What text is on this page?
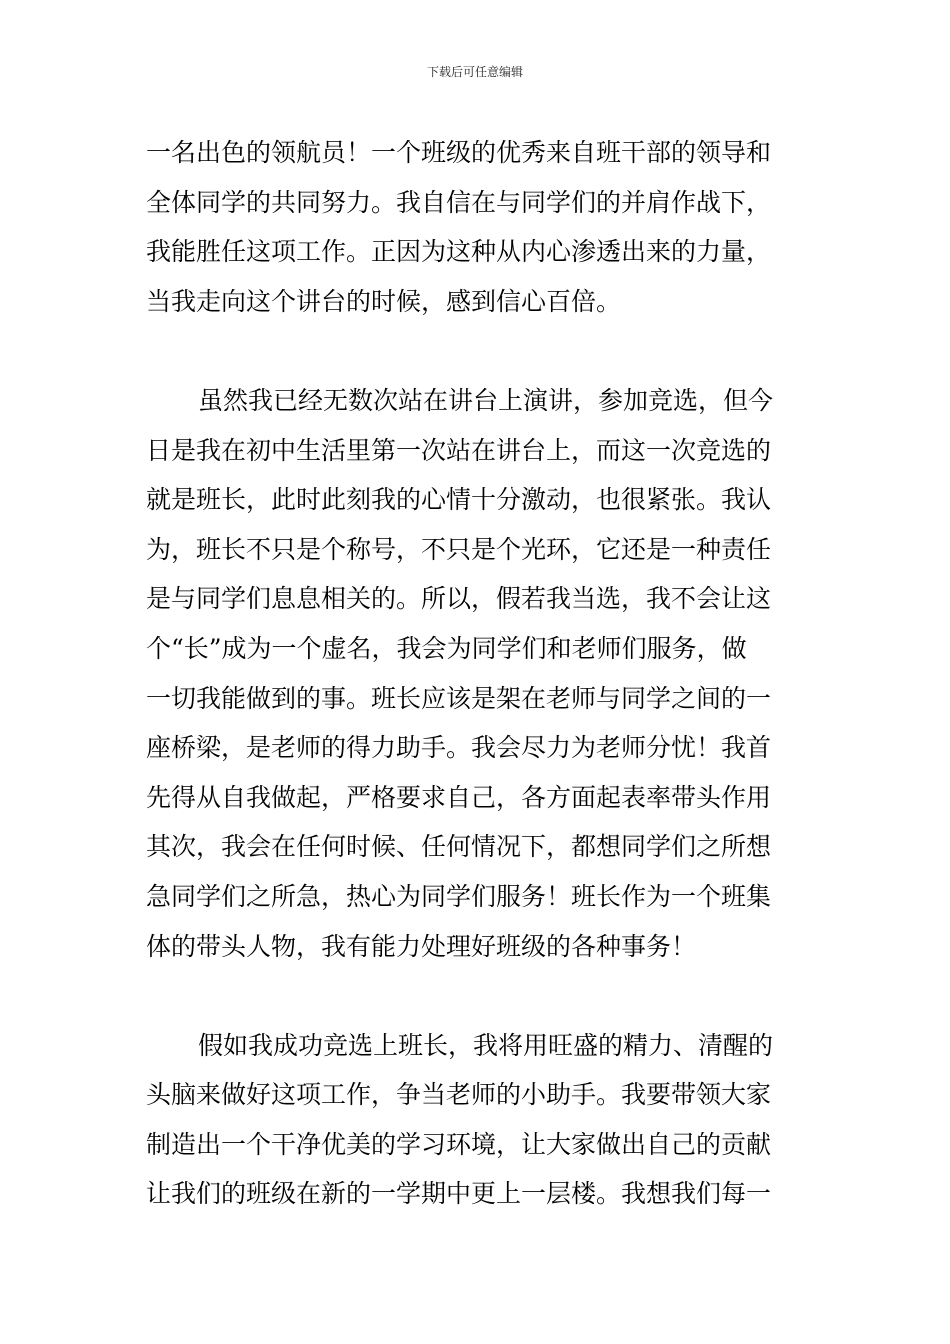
下载后可任意编辑

一名出色的领航员！一个班级的优秀来自班干部的领导和
全体同学的共同努力。我自信在与同学们的并肩作战下，
我能胜任这项工作。正因为这种从内心渗透出来的力量，
当我走向这个讲台的时候，感到信心百倍。

虽然我已经无数次站在讲台上演讲，参加竞选，但今
日是我在初中生活里第一次站在讲台上，而这一次竞选的
就是班长，此时此刻我的心情十分激动，也很紧张。我认
为，班长不只是个称号，不只是个光环，它还是一种责任
是与同学们息息相关的。所以，假若我当选，我不会让这
个“长”成为一个虚名，我会为同学们和老师们服务，做
一切我能做到的事。班长应该是架在老师与同学之间的一
座桥梁，是老师的得力助手。我会尽力为老师分忧！我首
先得从自我做起，严格要求自己，各方面起表率带头作用
其次，我会在任何时候、任何情况下，都想同学们之所想
急同学们之所急，热心为同学们服务！班长作为一个班集
体的带头人物，我有能力处理好班级的各种事务！

假如我成功竞选上班长，我将用旺盛的精力、清醒的
头脑来做好这项工作，争当老师的小助手。我要带领大家
制造出一个干净优美的学习环境，让大家做出自己的贡献
让我们的班级在新的一学期中更上一层楼。我想我们每一
